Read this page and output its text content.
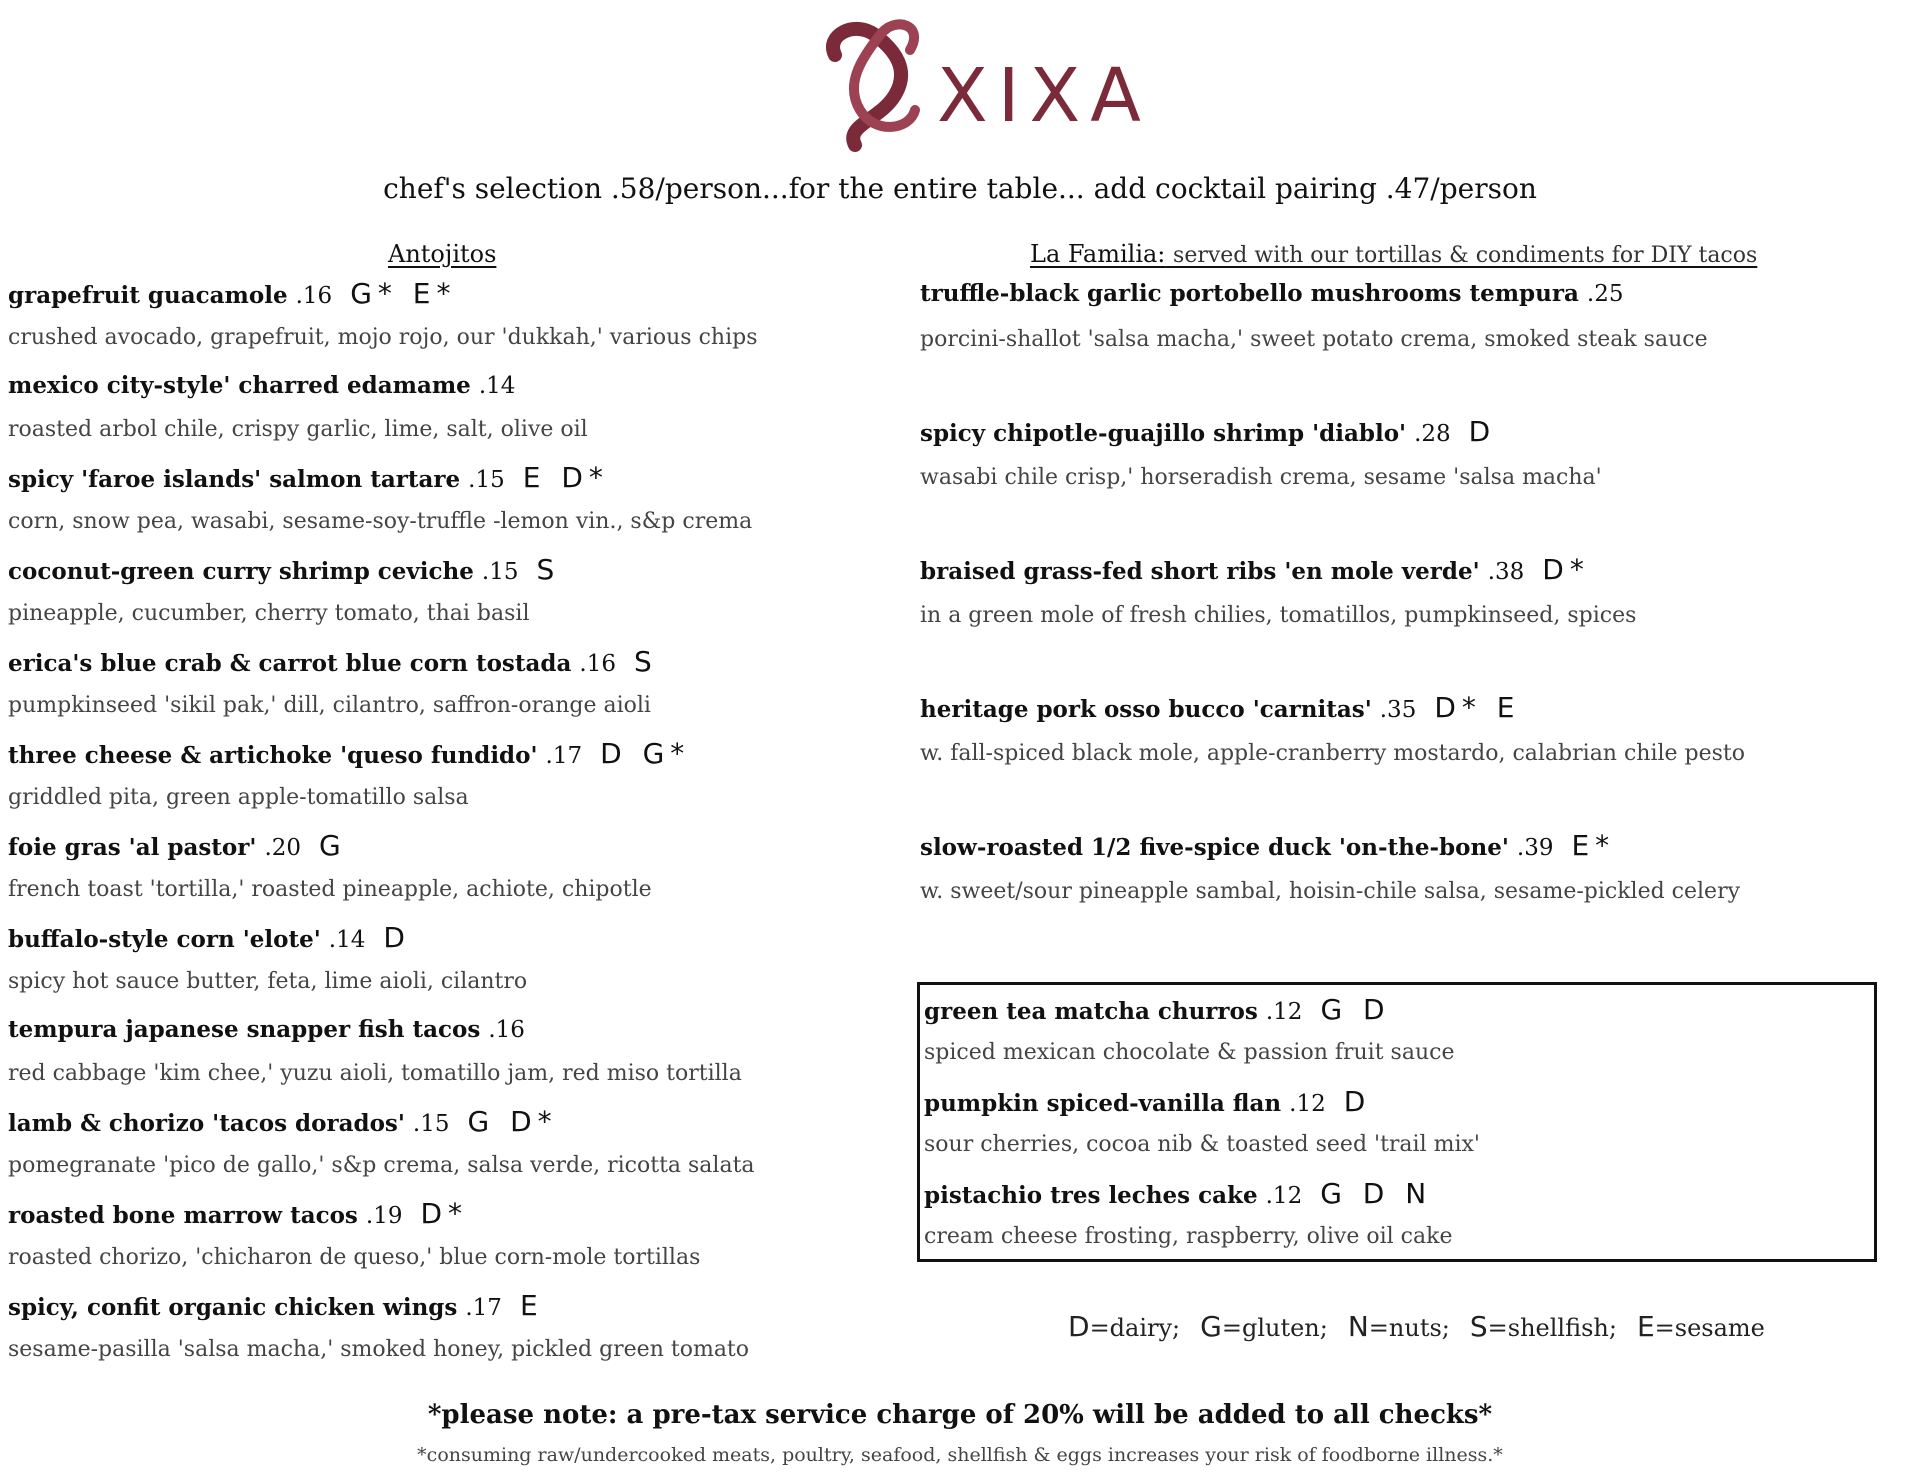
XIXA
chef's selection .58/person...for the entire table... add cocktail pairing .47/person
Antojitos
grapefruit guacamole .16 G* E*
crushed avocado, grapefruit, mojo rojo, our 'dukkah,' various chips
mexico city-style' charred edamame .14
roasted arbol chile, crispy garlic, lime, salt, olive oil
spicy 'faroe islands' salmon tartare .15 E D*
corn, snow pea, wasabi, sesame-soy-truffle -lemon vin., s&p crema
coconut-green curry shrimp ceviche .15 S
pineapple, cucumber, cherry tomato, thai basil
erica's blue crab & carrot blue corn tostada .16 S
pumpkinseed 'sikil pak,' dill, cilantro, saffron-orange aioli
three cheese & artichoke 'queso fundido' .17 D G*
griddled pita, green apple-tomatillo salsa
foie gras 'al pastor' .20 G
french toast 'tortilla,' roasted pineapple, achiote, chipotle
buffalo-style corn 'elote' .14 D
spicy hot sauce butter, feta, lime aioli, cilantro
tempura japanese snapper fish tacos .16
red cabbage 'kim chee,' yuzu aioli, tomatillo jam, red miso tortilla
lamb & chorizo 'tacos dorados' .15 G D*
pomegranate 'pico de gallo,' s&p crema, salsa verde, ricotta salata
roasted bone marrow tacos .19 D*
roasted chorizo, 'chicharon de queso,' blue corn-mole tortillas
spicy, confit organic chicken wings .17 E
sesame-pasilla 'salsa macha,' smoked honey, pickled green tomato
La Familia: served with our tortillas & condiments for DIY tacos
truffle-black garlic portobello mushrooms tempura .25
porcini-shallot 'salsa macha,' sweet potato crema, smoked steak sauce
spicy chipotle-guajillo shrimp 'diablo' .28 D
wasabi chile crisp,' horseradish crema, sesame 'salsa macha'
braised grass-fed short ribs 'en mole verde' .38 D*
in a green mole of fresh chilies, tomatillos, pumpkinseed, spices
heritage pork osso bucco 'carnitas' .35 D* E
w. fall-spiced black mole, apple-cranberry mostardo, calabrian chile pesto
slow-roasted 1/2 five-spice duck 'on-the-bone' .39 E*
w. sweet/sour pineapple sambal, hoisin-chile salsa, sesame-pickled celery
green tea matcha churros .12 G D
spiced mexican chocolate & passion fruit sauce
pumpkin spiced-vanilla flan .12 D
sour cherries, cocoa nib & toasted seed 'trail mix'
pistachio tres leches cake .12 G D N
cream cheese frosting, raspberry, olive oil cake
D=dairy; G=gluten; N=nuts; S=shellfish; E=sesame
*please note: a pre-tax service charge of 20% will be added to all checks*
*consuming raw/undercooked meats, poultry, seafood, shellfish & eggs increases your risk of foodborne illness.*
